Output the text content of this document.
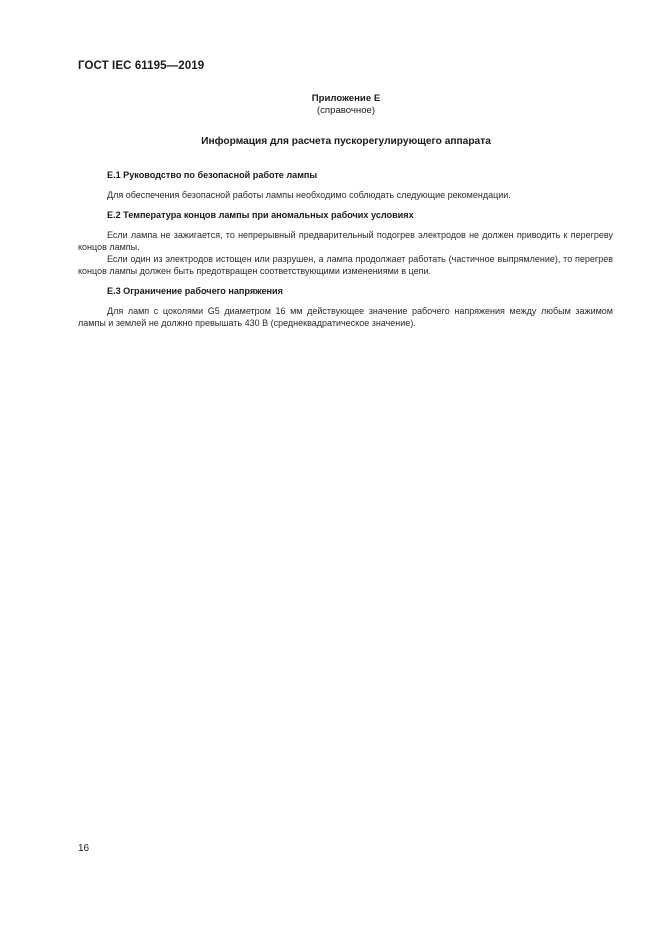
ГОСТ IEC 61195—2019
Приложение Е
(справочное)
Информация для расчета пускорегулирующего аппарата
Е.1 Руководство по безопасной работе лампы
Для обеспечения безопасной работы лампы необходимо соблюдать следующие рекомендации.
Е.2 Температура концов лампы при аномальных рабочих условиях
Если лампа не зажигается, то непрерывный предварительный подогрев электродов не должен приводить к перегреву концов лампы.
Если один из электродов истощен или разрушен, а лампа продолжает работать (частичное выпрямление), то перегрев концов лампы должен быть предотвращен соответствующими изменениями в цепи.
Е.3 Ограничение рабочего напряжения
Для ламп с цоколями G5 диаметром 16 мм действующее значение рабочего напряжения между любым зажимом лампы и землей не должно превышать 430 В (среднеквадратическое значение).
16
